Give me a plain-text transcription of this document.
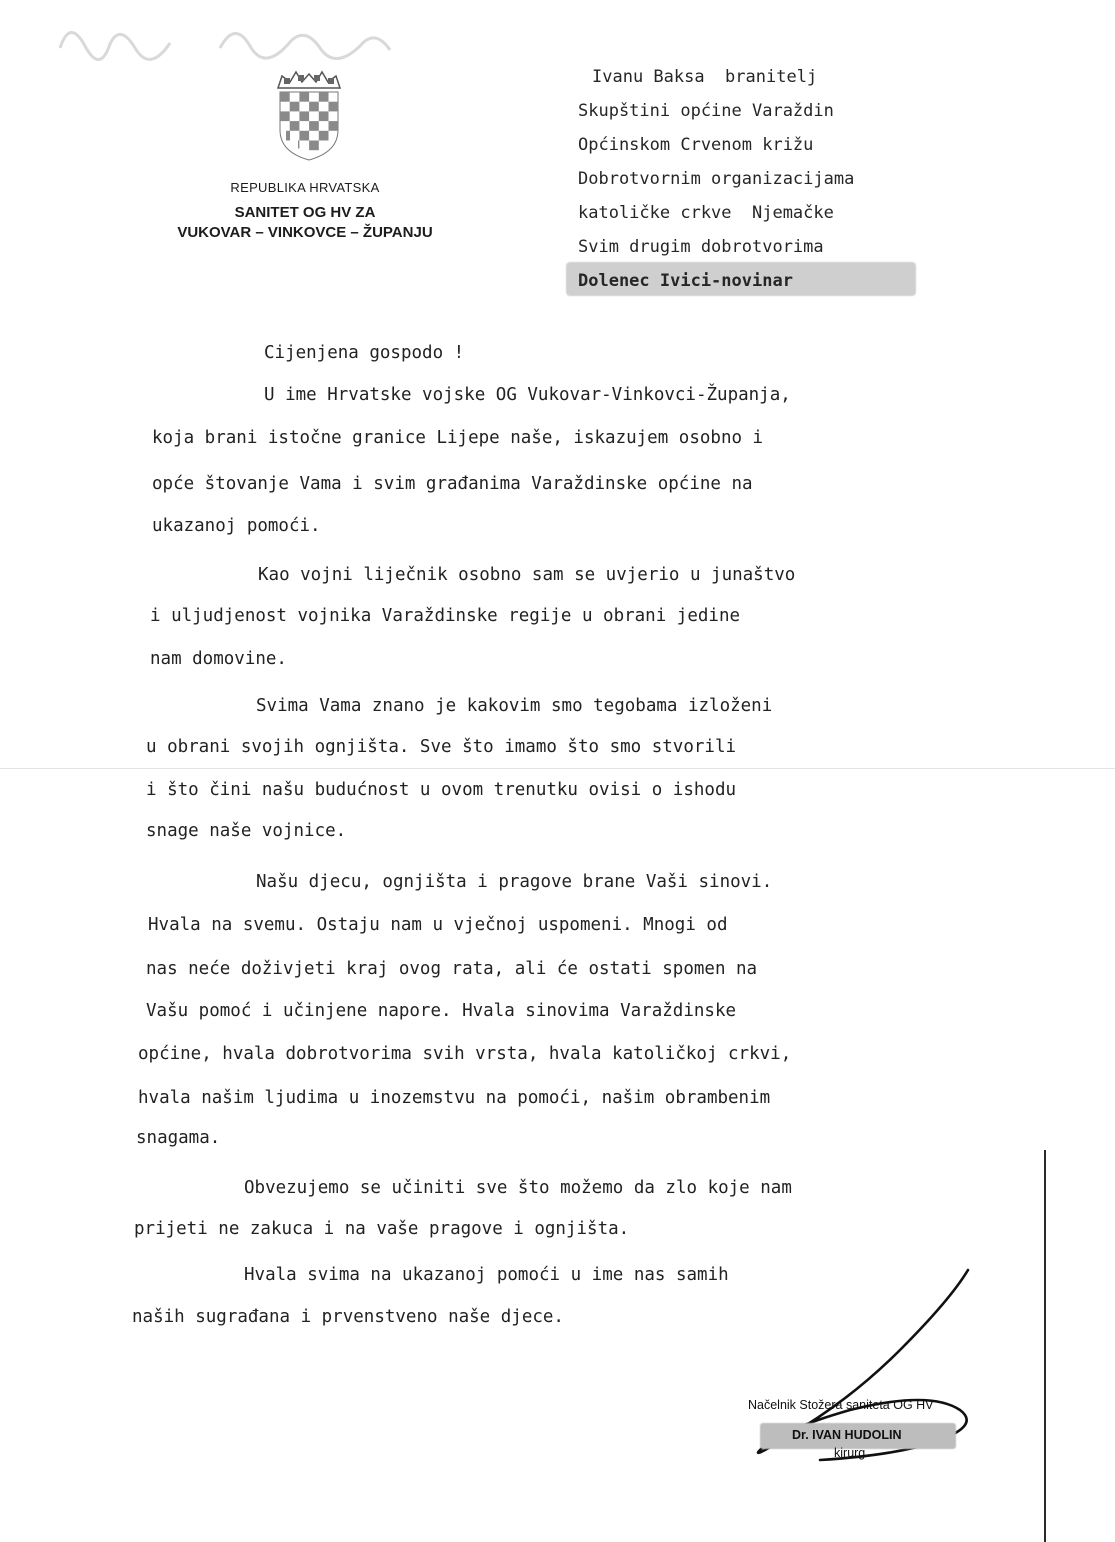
REPUBLIKA HRVATSKA
SANITET OG HV ZA
VUKOVAR – VINKOVCE – ŽUPANJU
Ivanu Baksa  branitelj
Skupštini općine Varaždin
Općinskom Crvenom križu
Dobrotvornim organizacijama
katoličke crkve  Njemačke
Svim drugim dobrotvorima
Dolenec Ivici-novinar
Cijenjena gospodo !
U ime Hrvatske vojske OG Vukovar-Vinkovci-Županja,
koja brani istočne granice Lijepe naše, iskazujem osobno i
opće štovanje Vama i svim građanima Varaždinske općine na
ukazanoj pomoći.
Kao vojni liječnik osobno sam se uvjerio u junaštvo
i uljudjenost vojnika Varaždinske regije u obrani jedine
nam domovine.
Svima Vama znano je kakovim smo tegobama izloženi
u obrani svojih ognjišta. Sve što imamo što smo stvorili
i što čini našu budućnost u ovom trenutku ovisi o ishodu
snage naše vojnice.
Našu djecu, ognjišta i pragove brane Vaši sinovi.
Hvala na svemu. Ostaju nam u vječnoj uspomeni. Mnogi od
nas neće doživjeti kraj ovog rata, ali će ostati spomen na
Vašu pomoć i učinjene napore. Hvala sinovima Varaždinske
općine, hvala dobrotvorima svih vrsta, hvala katoličkoj crkvi,
hvala našim ljudima u inozemstvu na pomoći, našim obrambenim
snagama.
Obvezujemo se učiniti sve što možemo da zlo koje nam
prijeti ne zakuca i na vaše pragove i ognjišta.
Hvala svima na ukazanoj pomoći u ime nas samih
naših sugrađana i prvenstveno naše djece.
Načelnik Stožera saniteta OG HV
Dr. IVAN HUDOLIN
kirurg
